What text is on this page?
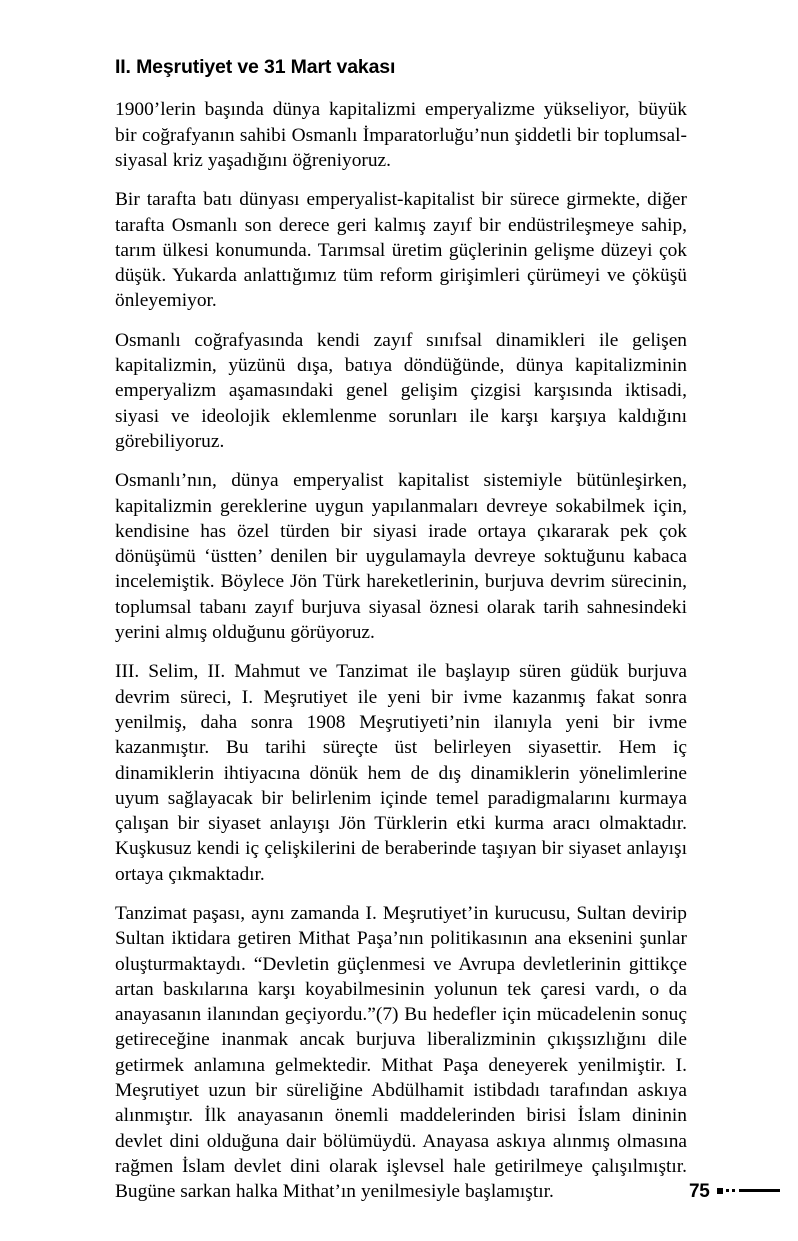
II. Meşrutiyet ve 31 Mart vakası

1900’lerin başında dünya kapitalizmi emperyalizme yükseliyor, büyük bir coğrafyanın sahibi Osmanlı İmparatorluğu’nun şiddetli bir toplumsal-siyasal kriz yaşadığını öğreniyoruz.

Bir tarafta batı dünyası emperyalist-kapitalist bir sürece girmekte, diğer tarafta Osmanlı son derece geri kalmış zayıf bir endüstrileşmeye sahip, tarım ülkesi konumunda. Tarımsal üretim güçlerinin gelişme düzeyi çok düşük. Yukarda anlattığımız tüm reform girişimleri çürümeyi ve çöküşü önleyemiyor.

Osmanlı coğrafyasında kendi zayıf sınıfsal dinamikleri ile gelişen kapitalizmin, yüzünü dışa, batıya döndüğünde, dünya kapitalizminin emperyalizm aşamasındaki genel gelişim çizgisi karşısında iktisadi, siyasi ve ideolojik eklemlenme sorunları ile karşı karşıya kaldığını görebiliyoruz.

Osmanlı’nın, dünya emperyalist kapitalist sistemiyle bütünleşirken, kapitalizmin gereklerine uygun yapılanmaları devreye sokabilmek için, kendisine has özel türden bir siyasi irade ortaya çıkararak pek çok dönüşümü ‘üstten’ denilen bir uygulamayla devreye soktuğunu kabaca incelemiştik. Böylece Jön Türk hareketlerinin, burjuva devrim sürecinin, toplumsal tabanı zayıf burjuva siyasal öznesi olarak tarih sahnesindeki yerini almış olduğunu görüyoruz.

III. Selim, II. Mahmut ve Tanzimat ile başlayıp süren güdük burjuva devrim süreci, I. Meşrutiyet ile yeni bir ivme kazanmış fakat sonra yenilmiş, daha sonra 1908 Meşrutiyeti’nin ilanıyla yeni bir ivme kazanmıştır. Bu tarihi süreçte üst belirleyen siyasettir. Hem iç dinamiklerin ihtiyacına dönük hem de dış dinamiklerin yönelimlerine uyum sağlayacak bir belirlenim içinde temel paradigmalarını kurmaya çalışan bir siyaset anlayışı Jön Türklerin etki kurma aracı olmaktadır. Kuşkusuz kendi iç çelişkilerini de beraberinde taşıyan bir siyaset anlayışı ortaya çıkmaktadır.

Tanzimat paşası, aynı zamanda I. Meşrutiyet’in kurucusu, Sultan devirip Sultan iktidara getiren Mithat Paşa’nın politikasının ana eksenini şunlar oluşturmaktaydı. “Devletin güçlenmesi ve Avrupa devletlerinin gittikçe artan baskılarına karşı koyabilmesinin yolunun tek çaresi vardı, o da anayasanın ilanından geçiyordu.”(7) Bu hedefler için mücadelenin sonuç getireceğine inanmak ancak burjuva liberalizminin çıkışsızlığını dile getirmek anlamına gelmektedir. Mithat Paşa deneyerek yenilmiştir. I. Meşrutiyet uzun bir süreliğine Abdülhamit istibdadı tarafından askıya alınmıştır. İlk anayasanın önemli maddelerinden birisi İslam dininin devlet dini olduğuna dair bölümüydü. Anayasa askıya alınmış olmasına rağmen İslam devlet dini olarak işlevsel hale getirilmeye çalışılmıştır. Bugüne sarkan halka Mithat’ın yenilmesiyle başlamıştır.	75
